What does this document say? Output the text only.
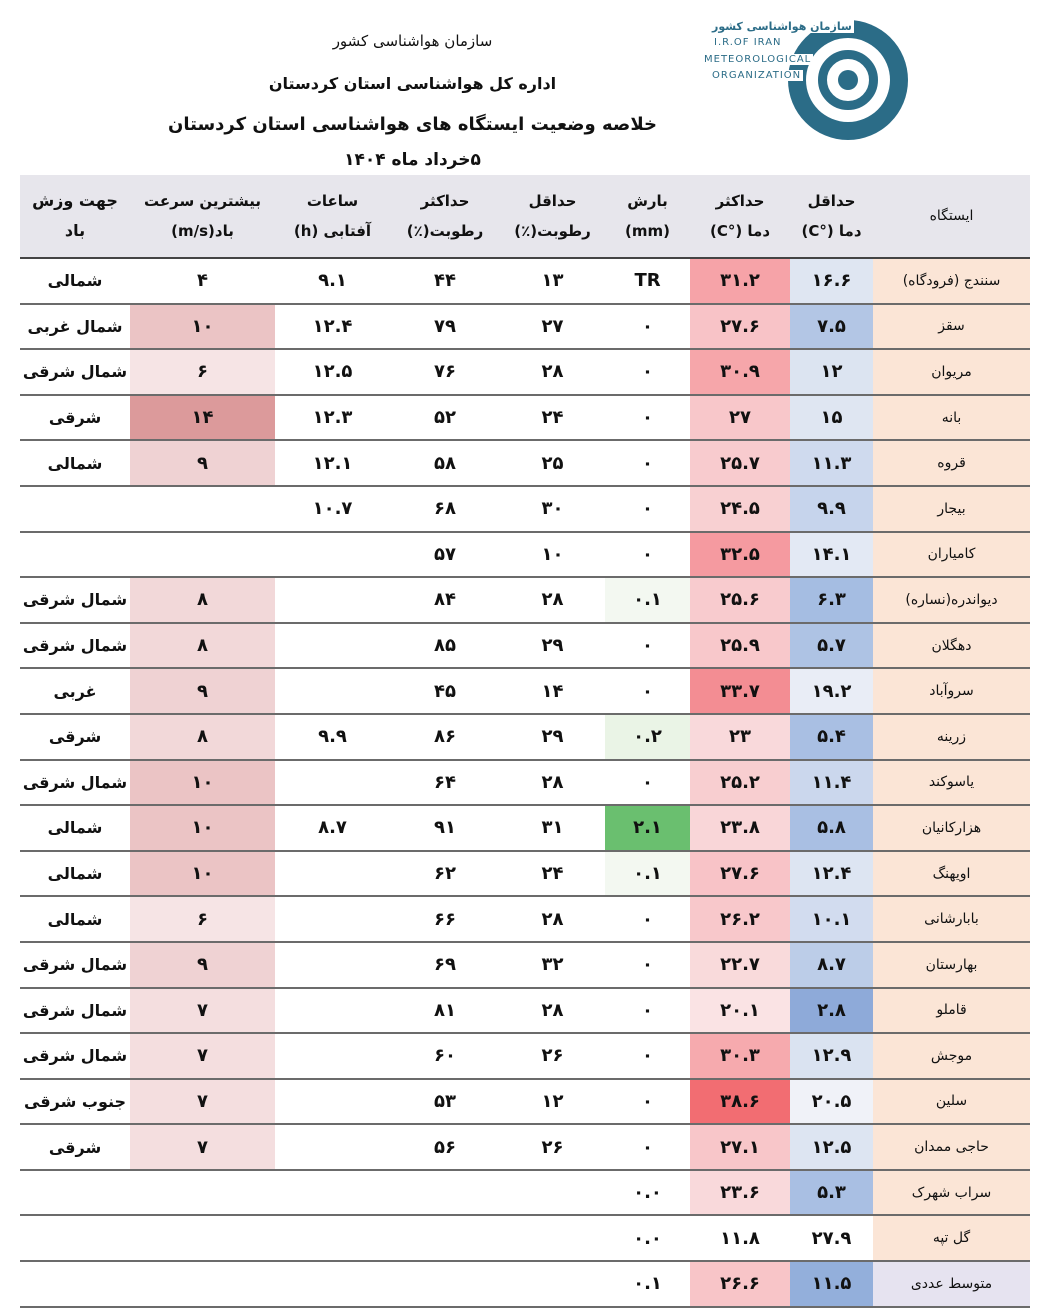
سازمان هواشناسی کشور
اداره کل هواشناسی استان کردستان
خلاصه وضعیت ایستگاه های هواشناسی استان کردستان
۵خرداد ماه ۱۴۰۴
سازمان هواشناسی کشور
I.R.OF IRAN
METEOROLOGICAL
ORGANIZATION
ایستگاه
حداقل
دما (°C)
حداکثر
دما (°C)
بارش
(mm)
حداقل
رطوبت(٪)
حداکثر
رطوبت(٪)
ساعات
آفتابی (h)
بیشترین سرعت
باد(m/s)
جهت وزش
باد
سنندج (فرودگاه)
۱۶.۶
۳۱.۲
TR
۱۳
۴۴
۹.۱
۴
شمالی
سقز
۷.۵
۲۷.۶
۰
۲۷
۷۹
۱۲.۴
۱۰
شمال غربی
مریوان
۱۲
۳۰.۹
۰
۲۸
۷۶
۱۲.۵
۶
شمال شرقی
بانه
۱۵
۲۷
۰
۲۴
۵۲
۱۲.۳
۱۴
شرقی
قروه
۱۱.۳
۲۵.۷
۰
۲۵
۵۸
۱۲.۱
۹
شمالی
بیجار
۹.۹
۲۴.۵
۰
۳۰
۶۸
۱۰.۷
کامیاران
۱۴.۱
۳۲.۵
۰
۱۰
۵۷
دیواندره(نساره)
۶.۳
۲۵.۶
۰.۱
۲۸
۸۴
۸
شمال شرقی
دهگلان
۵.۷
۲۵.۹
۰
۲۹
۸۵
۸
شمال شرقی
سروآباد
۱۹.۲
۳۳.۷
۰
۱۴
۴۵
۹
غربی
زرینه
۵.۴
۲۳
۰.۲
۲۹
۸۶
۹.۹
۸
شرقی
یاسوکند
۱۱.۴
۲۵.۲
۰
۲۸
۶۴
۱۰
شمال شرقی
هزارکانیان
۵.۸
۲۳.۸
۲.۱
۳۱
۹۱
۸.۷
۱۰
شمالی
اویهنگ
۱۲.۴
۲۷.۶
۰.۱
۲۴
۶۲
۱۰
شمالی
بابارشانی
۱۰.۱
۲۶.۲
۰
۲۸
۶۶
۶
شمالی
بهارستان
۸.۷
۲۲.۷
۰
۳۲
۶۹
۹
شمال شرقی
قاملو
۲.۸
۲۰.۱
۰
۲۸
۸۱
۷
شمال شرقی
موجش
۱۲.۹
۳۰.۳
۰
۲۶
۶۰
۷
شمال شرقی
سلین
۲۰.۵
۳۸.۶
۰
۱۲
۵۳
۷
جنوب شرقی
حاجی ممدان
۱۲.۵
۲۷.۱
۰
۲۶
۵۶
۷
شرقی
سراب شهرک
۵.۳
۲۳.۶
۰.۰
گل تپه
۲۷.۹
۱۱.۸
۰.۰
متوسط عددی
۱۱.۵
۲۶.۶
۰.۱
